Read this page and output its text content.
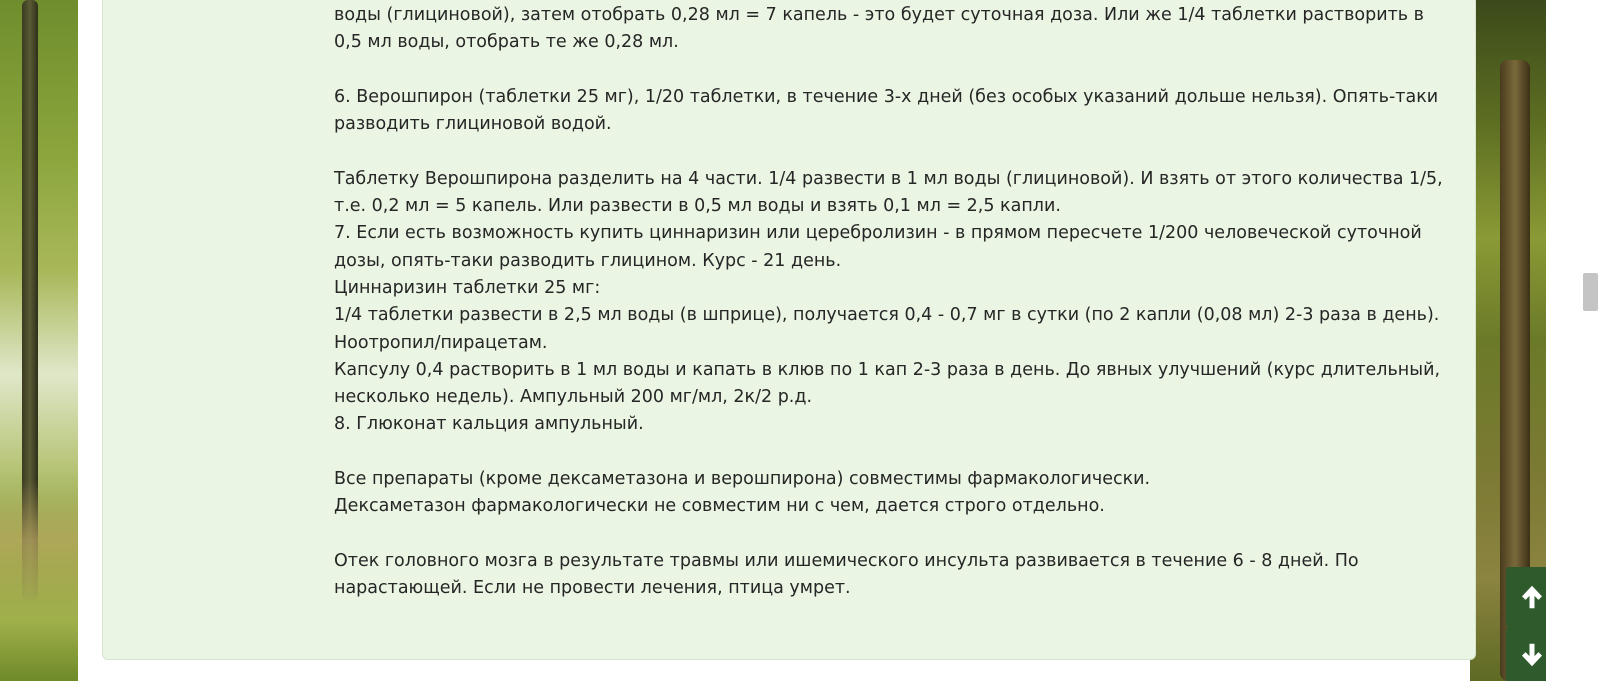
воды (глициновой), затем отобрать 0,28 мл = 7 капель - это будет суточная доза. Или же 1/4 таблетки растворить в 0,5 мл воды, отобрать те же 0,28 мл.

6. Верошпирон (таблетки 25 мг), 1/20 таблетки, в течение 3-х дней (без особых указаний дольше нельзя). Опять-таки разводить глициновой водой.

Таблетку Верошпирона разделить на 4 части. 1/4 развести в 1 мл воды (глициновой). И взять от этого количества 1/5, т.е. 0,2 мл = 5 капель. Или развести в 0,5 мл воды и взять 0,1 мл = 2,5 капли.

7. Если есть возможность купить циннаризин или церебролизин - в прямом пересчете 1/200 человеческой суточной дозы, опять-таки разводить глицином. Курс - 21 день.

Циннаризин таблетки 25 мг:

1/4 таблетки развести в 2,5 мл воды (в шприце), получается 0,4 - 0,7 мг в сутки (по 2 капли (0,08 мл) 2-3 раза в день).

Ноотропил/пирацетам.

Капсулу 0,4 растворить в 1 мл воды и капать в клюв по 1 кап 2-3 раза в день. До явных улучшений (курс длительный, несколько недель). Ампульный 200 мг/мл, 2к/2 р.д.

8. Глюконат кальция ампульный.

Все препараты (кроме дексаметазона и верошпирона) совместимы фармакологически.

Дексаметазон фармакологически не совместим ни с чем, дается строго отдельно.

Отек головного мозга в результате травмы или ишемического инсульта развивается в течение 6 - 8 дней. По нарастающей. Если не провести лечения, птица умрет.
